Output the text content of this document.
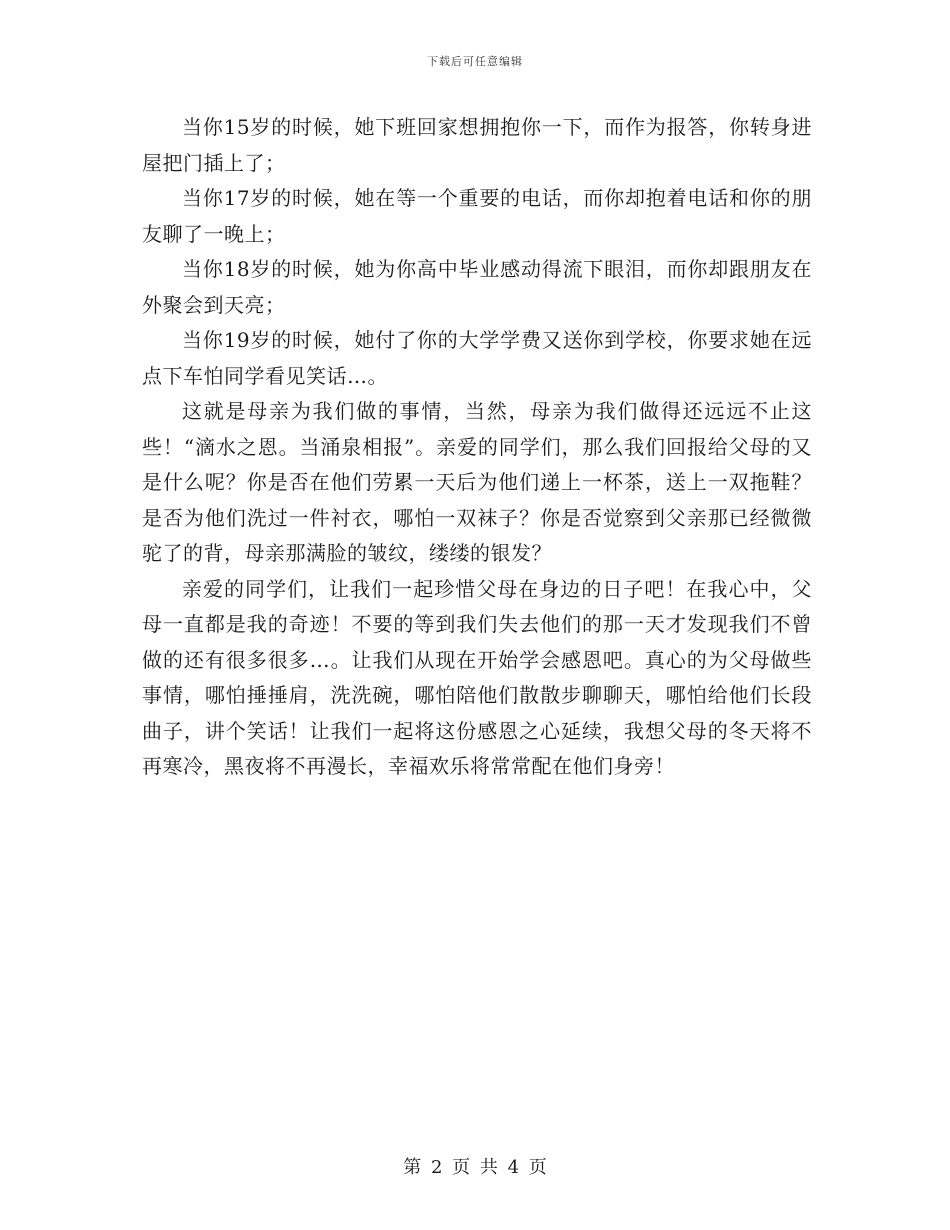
下载后可任意编辑

当你15岁的时候，她下班回家想拥抱你一下，而作为报答，你转身进屋把门插上了；

当你17岁的时候，她在等一个重要的电话，而你却抱着电话和你的朋友聊了一晚上；

当你18岁的时候，她为你高中毕业感动得流下眼泪，而你却跟朋友在外聚会到天亮；

当你19岁的时候，她付了你的大学学费又送你到学校，你要求她在远点下车怕同学看见笑话…。

这就是母亲为我们做的事情，当然，母亲为我们做得还远远不止这些！“滴水之恩。当涌泉相报”。亲爱的同学们，那么我们回报给父母的又是什么呢？你是否在他们劳累一天后为他们递上一杯茶，送上一双拖鞋？是否为他们洗过一件衬衣，哪怕一双袜子？你是否觉察到父亲那已经微微驼了的背，母亲那满脸的皱纹，缕缕的银发？

亲爱的同学们，让我们一起珍惜父母在身边的日子吧！在我心中，父母一直都是我的奇迹！不要的等到我们失去他们的那一天才发现我们不曾做的还有很多很多…。让我们从现在开始学会感恩吧。真心的为父母做些事情，哪怕捶捶肩，洗洗碗，哪怕陪他们散散步聊聊天，哪怕给他们长段曲子，讲个笑话！让我们一起将这份感恩之心延续，我想父母的冬天将不再寒冷，黑夜将不再漫长，幸福欢乐将常常配在他们身旁！

第 2 页 共 4 页
